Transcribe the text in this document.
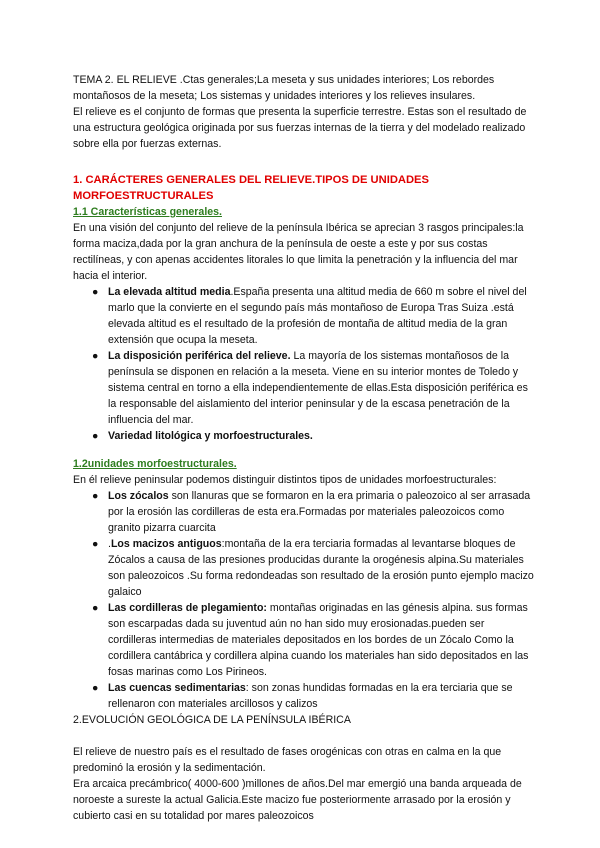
TEMA 2. EL RELIEVE .Ctas generales;La meseta y sus unidades interiores; Los rebordes montañosos de la meseta; Los sistemas y unidades interiores y los relieves insulares.

El relieve es el conjunto de formas que presenta la superficie terrestre. Estas son el resultado de una estructura geológica originada por sus fuerzas internas de la tierra y del modelado realizado sobre ella por fuerzas externas.

1. CARÁCTERES GENERALES DEL RELIEVE.TIPOS DE UNIDADES MORFOESTRUCTURALES

1.1 Características generales.

En una visión del conjunto del relieve de la península Ibérica se aprecian 3 rasgos principales:la forma maciza,dada por la gran anchura de la península de oeste a este y por sus costas rectilíneas, y con apenas accidentes litorales lo que limita la penetración y la influencia del mar hacia el interior.

● La elevada altitud media.España presenta una altitud media de 660 m sobre el nivel del marlo que la convierte en el segundo país más montañoso de Europa Tras Suiza .está elevada altitud es el resultado de la profesión de montaña de altitud media de la gran extensión que ocupa la meseta.
● La disposición periférica del relieve. La mayoría de los sistemas montañosos de la península se disponen en relación a la meseta. Viene en su interior montes de Toledo y sistema central en torno a ella independientemente de ellas.Esta disposición periférica es la responsable del aislamiento del interior peninsular y de la escasa penetración de la influencia del mar.
● Variedad litológica y morfoestructurales.

1.2unidades morfoestructurales.

En él relieve peninsular podemos distinguir distintos tipos de unidades morfoestructurales:

● Los zócalos son llanuras que se formaron en la era primaria o paleozoico al ser arrasada por la erosión las cordilleras de esta era.Formadas por materiales paleozoicos como granito pizarra cuarcita
● .Los macizos antiguos:montaña de la era terciaria formadas al levantarse bloques de Zócalos a causa de las presiones producidas durante la orogénesis alpina.Su materiales son paleozoicos .Su forma redondeadas son resultado de la erosión punto ejemplo macizo galaico
● Las cordilleras de plegamiento: montañas originadas en las génesis alpina. sus formas son escarpadas dada su juventud aún no han sido muy erosionadas.pueden ser cordilleras intermedias de materiales depositados en los bordes de un Zócalo Como la cordillera cantábrica y cordillera alpina cuando los materiales han sido depositados en las fosas marinas como Los Pirineos.
● Las cuencas sedimentarias: son zonas hundidas formadas en la era terciaria que se rellenaron con materiales arcillosos y calizos

2.EVOLUCIÓN GEOLÓGICA DE LA PENÍNSULA IBÉRICA

El relieve de nuestro país es el resultado de fases orogénicas con otras en calma en la que predominó la erosión y la sedimentación.

Era arcaica precámbrico( 4000-600 )millones de años.Del mar emergió una banda arqueada de noroeste a sureste la actual Galicia.Este macizo fue posteriormente arrasado por la erosión y cubierto casi en su totalidad por mares paleozoicos
